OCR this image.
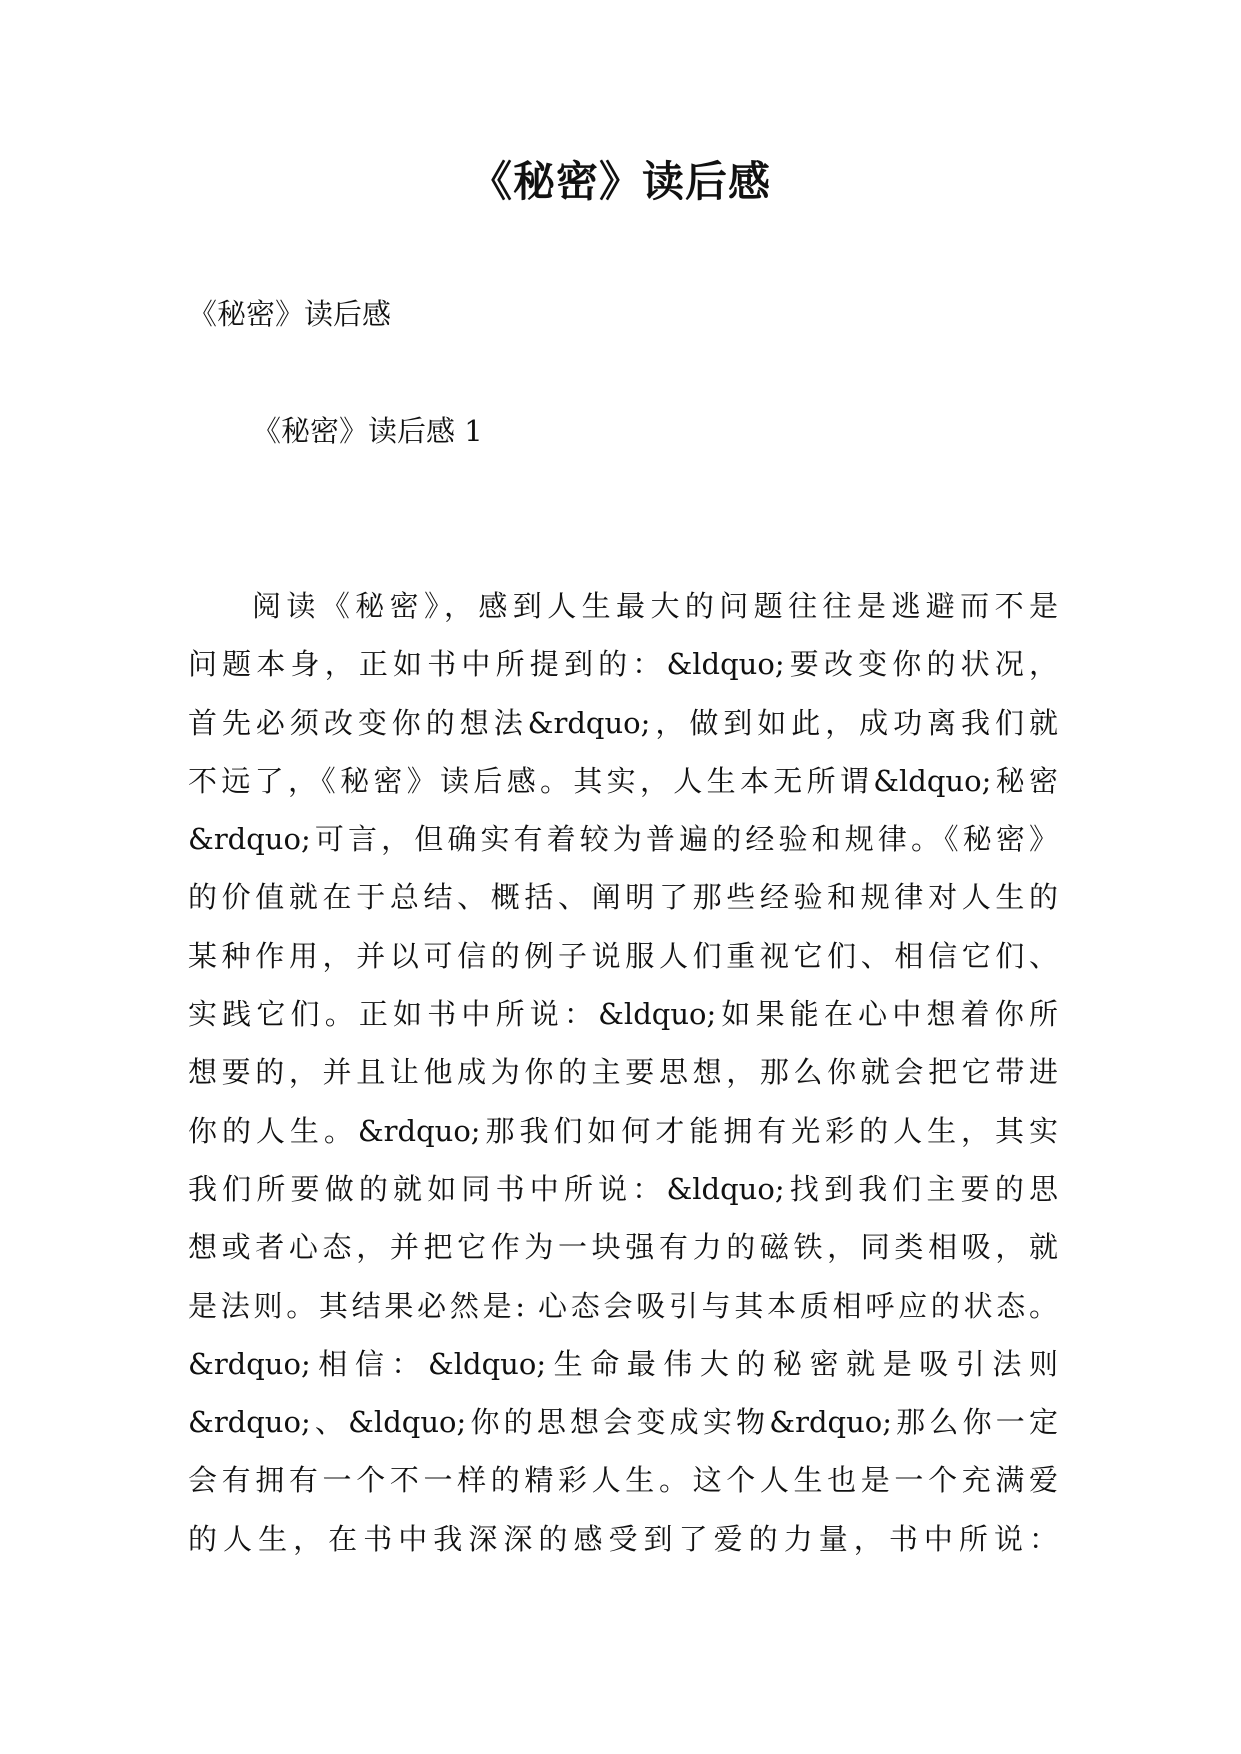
《秘密》读后感

《秘密》读后感

《秘密》读后感 1

阅读《秘密》，感到人生最大的问题往往是逃避而不是
问题本身，正如书中所提到的：&ldquo;要改变你的状况，
首先必须改变你的想法&rdquo;，做到如此，成功离我们就
不远了，《秘密》读后感。其实，人生本无所谓&ldquo;秘密
&rdquo;可言，但确实有着较为普遍的经验和规律。《秘密》
的价值就在于总结、概括、阐明了那些经验和规律对人生的
某种作用，并以可信的例子说服人们重视它们、相信它们、
实践它们。正如书中所说：&ldquo;如果能在心中想着你所
想要的，并且让他成为你的主要思想，那么你就会把它带进
你的人生。&rdquo;那我们如何才能拥有光彩的人生，其实
我们所要做的就如同书中所说：&ldquo;找到我们主要的思
想或者心态，并把它作为一块强有力的磁铁，同类相吸，就
是法则。其结果必然是: 心态会吸引与其本质相呼应的状态。
&rdquo;相信：&ldquo;生命最伟大的秘密就是吸引法则
&rdquo;、&ldquo;你的思想会变成实物&rdquo;那么你一定
会有拥有一个不一样的精彩人生。这个人生也是一个充满爱
的人生，在书中我深深的感受到了爱的力量，书中所说：
